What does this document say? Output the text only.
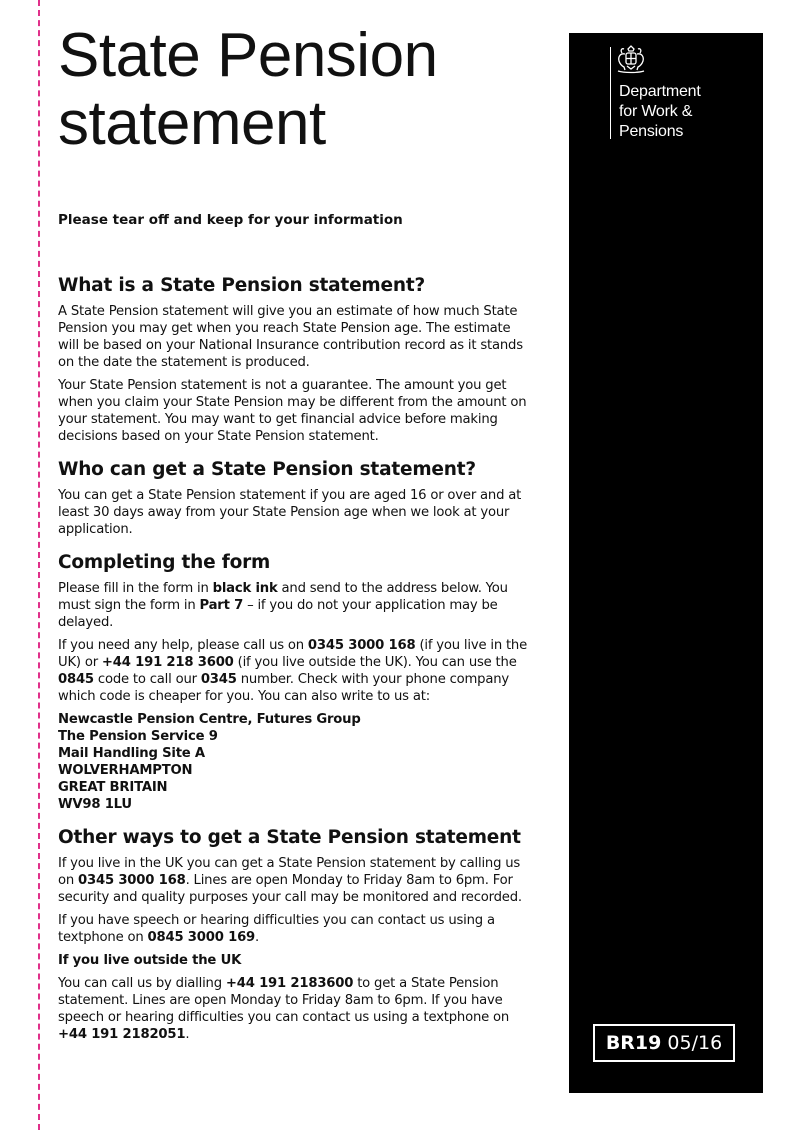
State Pension
statement

Please tear off and keep for your information

What is a State Pension statement?

A State Pension statement will give you an estimate of how much State Pension you may get when you reach State Pension age. The estimate will be based on your National Insurance contribution record as it stands on the date the statement is produced.

Your State Pension statement is not a guarantee. The amount you get when you claim your State Pension may be different from the amount on your statement. You may want to get financial advice before making decisions based on your State Pension statement.

Who can get a State Pension statement?

You can get a State Pension statement if you are aged 16 or over and at least 30 days away from your State Pension age when we look at your application.

Completing the form

Please fill in the form in black ink and send to the address below. You must sign the form in Part 7 – if you do not your application may be delayed.

If you need any help, please call us on 0345 3000 168 (if you live in the UK) or +44 191 218 3600 (if you live outside the UK). You can use the 0845 code to call our 0345 number. Check with your phone company which code is cheaper for you. You can also write to us at:

Newcastle Pension Centre, Futures Group
The Pension Service 9
Mail Handling Site A
WOLVERHAMPTON
GREAT BRITAIN
WV98 1LU
Other ways to get a State Pension statement

If you live in the UK you can get a State Pension statement by calling us on 0345 3000 168. Lines are open Monday to Friday 8am to 6pm. For security and quality purposes your call may be monitored and recorded.

If you have speech or hearing difficulties you can contact us using a textphone on 0845 3000 169.

If you live outside the UK

You can call us by dialling +44 191 2183600 to get a State Pension statement. Lines are open Monday to Friday 8am to 6pm. If you have speech or hearing difficulties you can contact us using a textphone on +44 191 2182051.

Department
for Work &
Pensions
BR19 05/16
